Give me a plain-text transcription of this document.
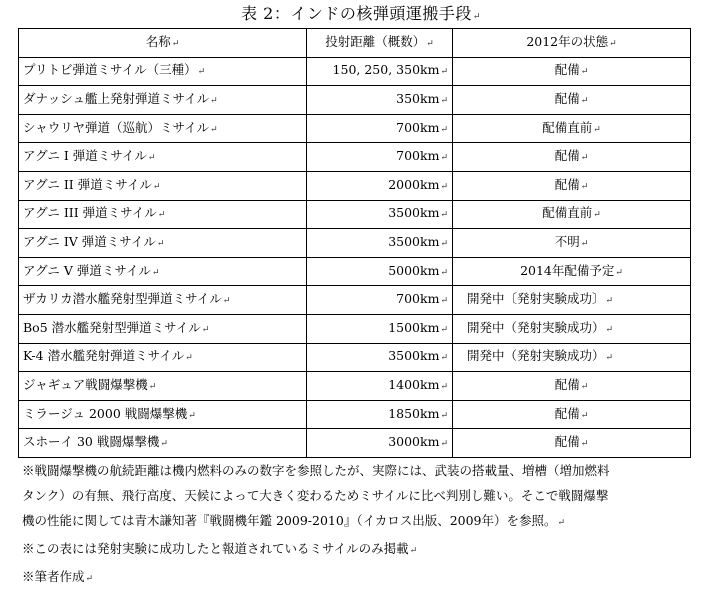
表 2：インドの核弾頭運搬手段↵
名称↵	投射距離（概数）↵	2012年の状態↵
プリトビ弾道ミサイル（三種）↵	150, 250, 350km↵	配備↵
ダナッシュ艦上発射弾道ミサイル↵	350km↵	配備↵
シャウリヤ弾道（巡航）ミサイル↵	700km↵	配備直前↵
アグニ I 弾道ミサイル↵	700km↵	配備↵
アグニ II 弾道ミサイル↵	2000km↵	配備↵
アグニ III 弾道ミサイル↵	3500km↵	配備直前↵
アグニ IV 弾道ミサイル↵	3500km↵	不明↵
アグニ V 弾道ミサイル↵	5000km↵	2014年配備予定↵
ザカリカ潜水艦発射型弾道ミサイル↵	700km↵	開発中〔発射実験成功〕↵
Bo5 潜水艦発射型弾道ミサイル↵	1500km↵	開発中（発射実験成功）↵
K-4 潜水艦発射弾道ミサイル↵	3500km↵	開発中（発射実験成功）↵
ジャギュア戦闘爆撃機↵	1400km↵	配備↵
ミラージュ 2000 戦闘爆撃機↵	1850km↵	配備↵
スホーイ 30 戦闘爆撃機↵	3000km↵	配備↵

※戦闘爆撃機の航続距離は機内燃料のみの数字を参照したが、実際には、武装の搭載量、増槽（増加燃料

タンク）の有無、飛行高度、天候によって大きく変わるためミサイルに比べ判別し難い。そこで戦闘爆撃

機の性能に関しては青木謙知著『戦闘機年鑑 2009-2010』（イカロス出版、2009年）を参照。↵

※この表には発射実験に成功したと報道されているミサイルのみ掲載↵

※筆者作成↵
